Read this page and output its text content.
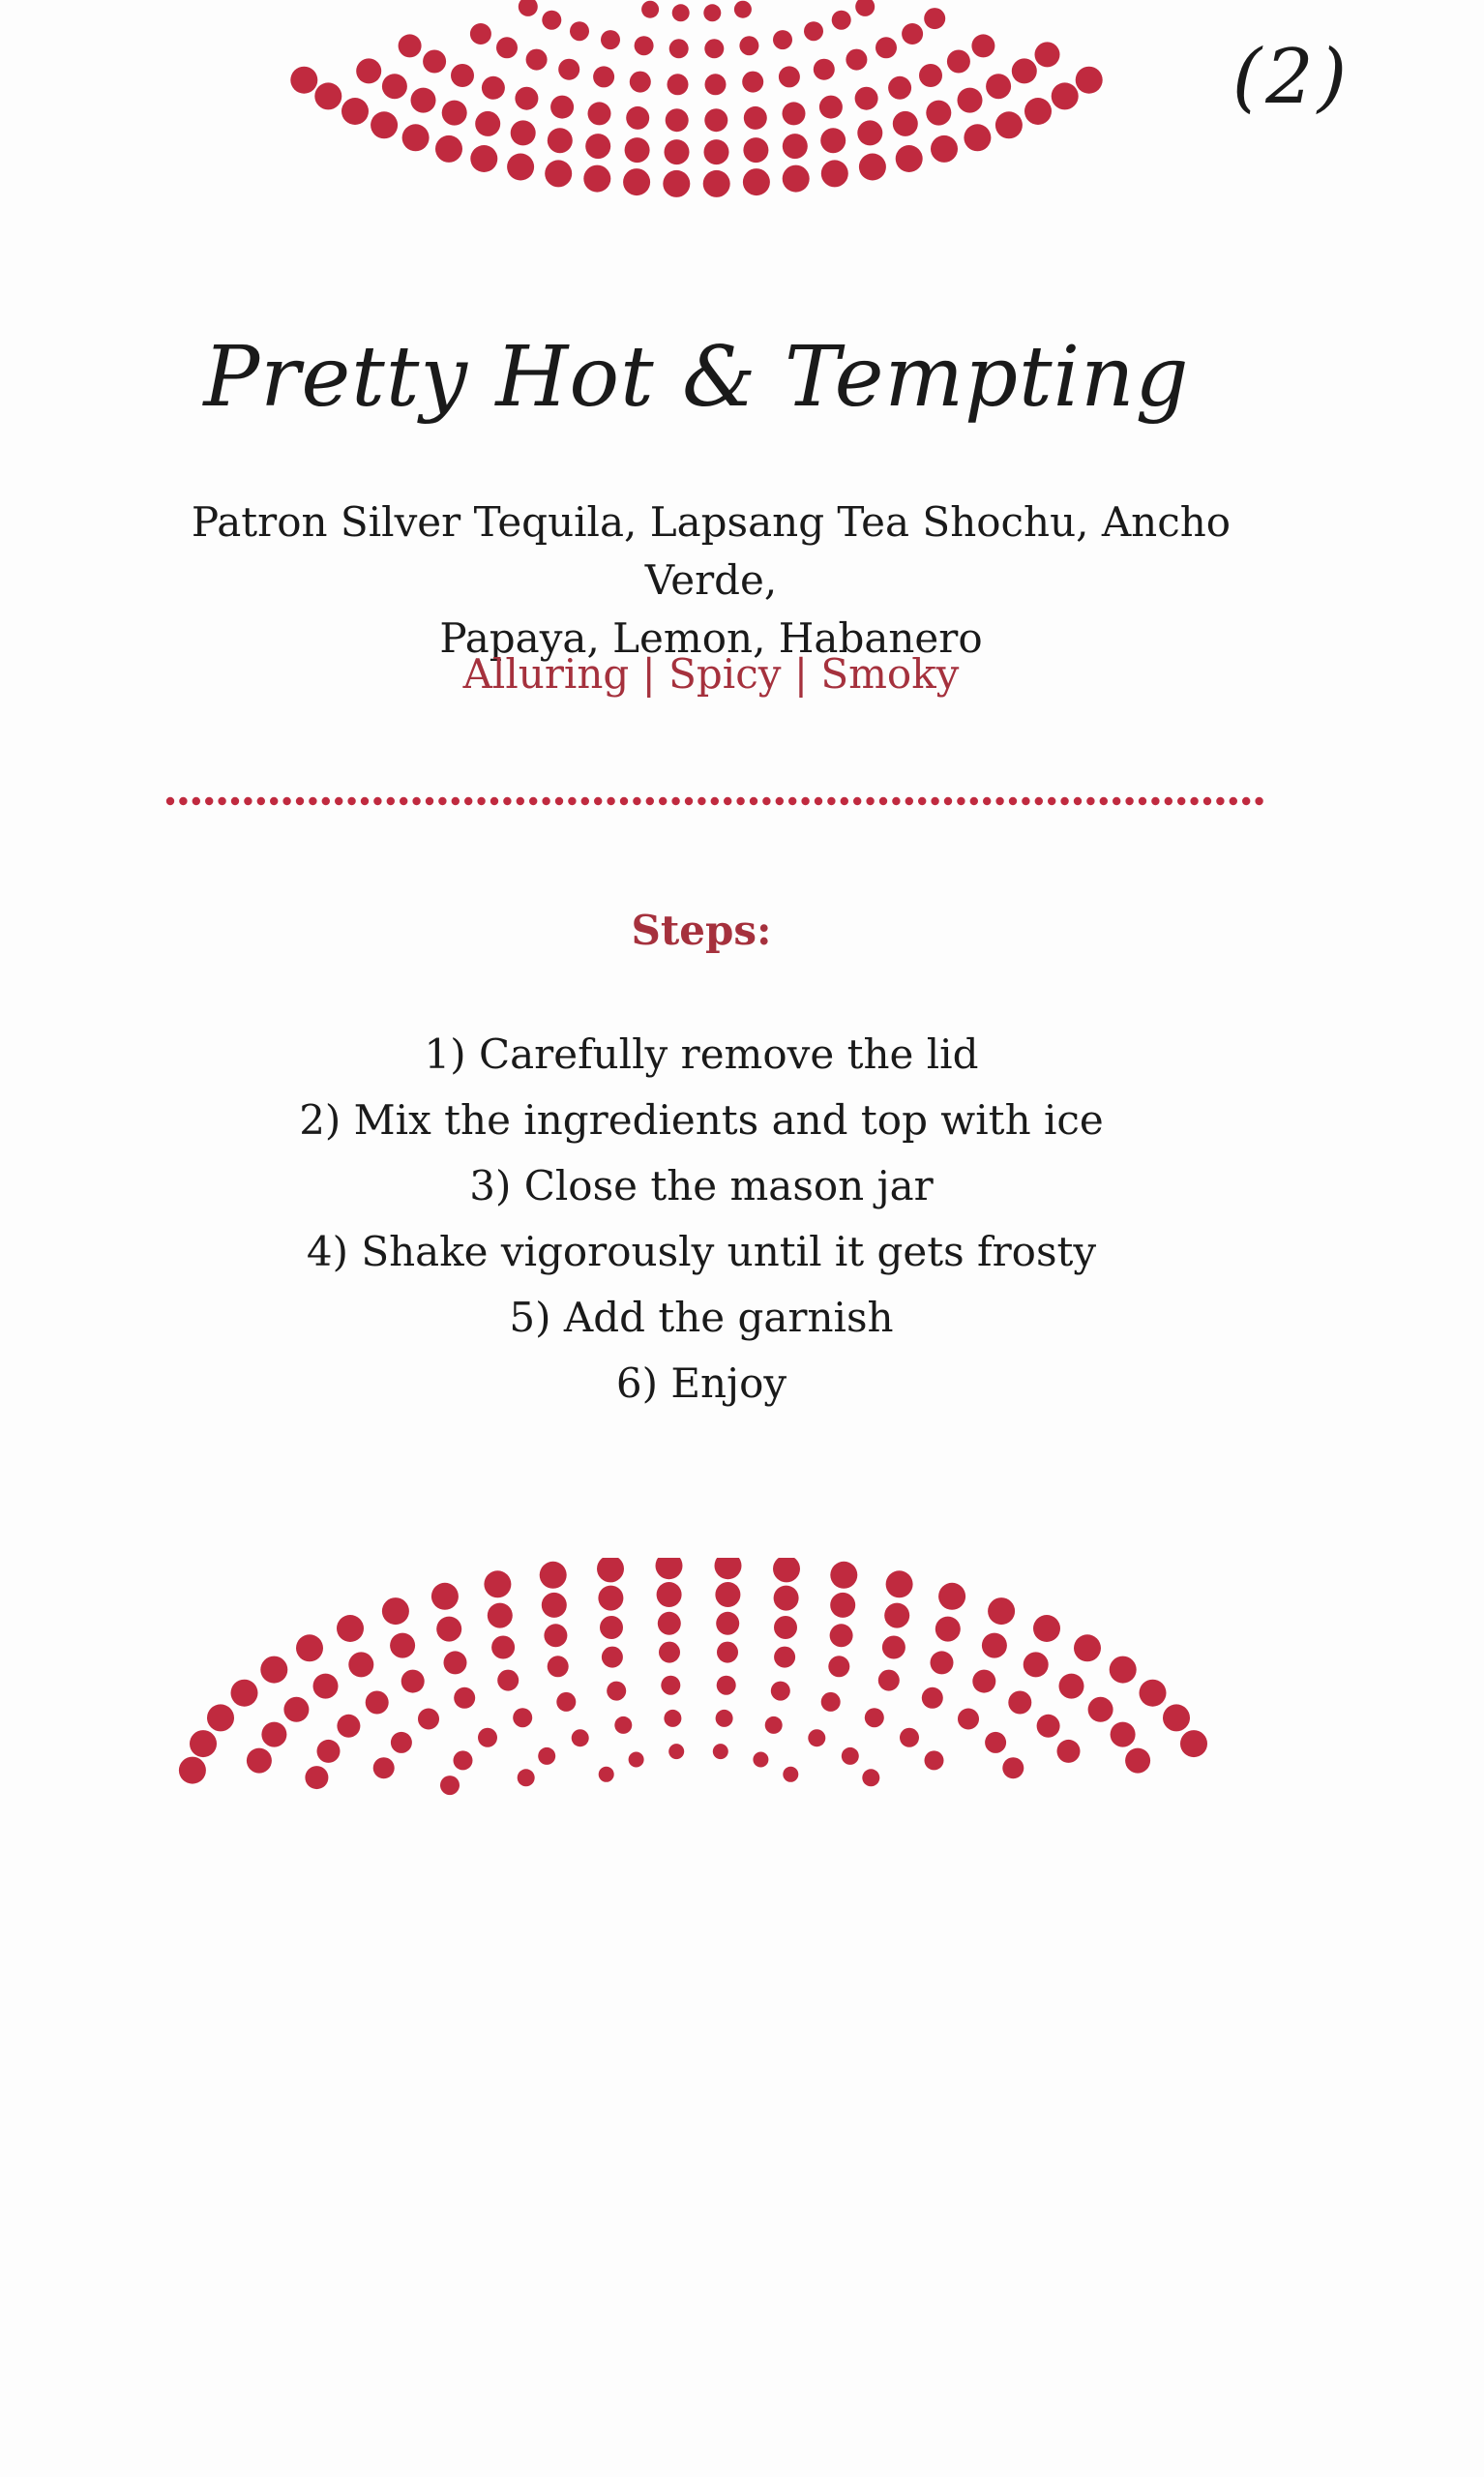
(2)
Pretty Hot & Tempting
Patron Silver Tequila, Lapsang Tea Shochu, Ancho Verde,
Papaya, Lemon, Habanero
Alluring | Spicy | Smoky
Steps:
1) Carefully remove the lid
2) Mix the ingredients and top with ice
3) Close the mason jar
4) Shake vigorously until it gets frosty
5) Add the garnish
6) Enjoy
